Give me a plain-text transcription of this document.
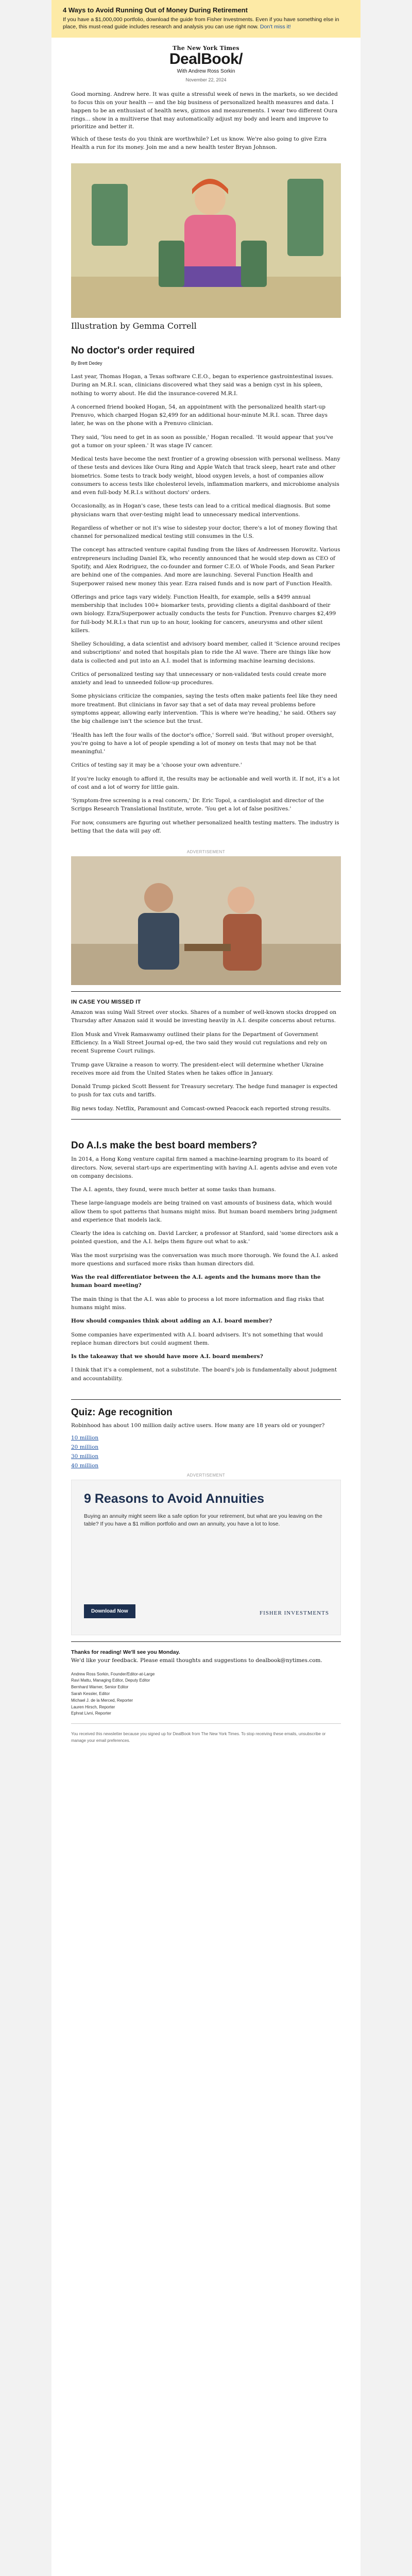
4 Ways to Avoid Running Out of Money During Retirement
If you have a $1,000,000 portfolio, download the guide from Fisher Investments. Even if you have something else in place, this must-read guide includes research and analysis you can use right now. Don't miss it!
The New York Times
DealBook/
With Andrew Ross Sorkin
November 22, 2024

Good morning. Andrew here. It was quite a stressful week of news in the markets, so we decided to focus this on your health — and the big business of personalized health measures and data. I happen to be an enthusiast of health news, gizmos and measurements. I wear two different Oura rings… show in a multiverse that may automatically adjust my body and learn and improve to prioritize and better it.

Which of these tests do you think are worthwhile? Let us know. We're also going to give Ezra Health a run for its money. Join me and a new health tester Bryan Johnson.

Illustration by Gemma Correll
No doctor's order required
By Brett Dedey

Last year, Thomas Hogan, a Texas software C.E.O., began to experience gastrointestinal issues. During an M.R.I. scan, clinicians discovered what they said was a benign cyst in his spleen, nothing to worry about. He did the insurance-covered M.R.I.

A concerned friend booked Hogan, 54, an appointment with the personalized health start-up Prenuvo, which charged Hogan $2,499 for an additional hour-minute M.R.I. scan. Three days later, he was on the phone with a Prenuvo clinician.

They said, 'You need to get in as soon as possible,' Hogan recalled. 'It would appear that you've got a tumor on your spleen.' It was stage IV cancer.

Medical tests have become the next frontier of a growing obsession with personal wellness. Many of these tests and devices like Oura Ring and Apple Watch that track sleep, heart rate and other biometrics. Some tests to track body weight, blood oxygen levels, a host of companies allow consumers to access tests like cholesterol levels, inflammation markers, and microbiome analysis and even full-body M.R.I.s without doctors' orders.

Occasionally, as in Hogan's case, these tests can lead to a critical medical diagnosis. But some physicians warn that over-testing might lead to unnecessary medical interventions.

Regardless of whether or not it's wise to sidestep your doctor, there's a lot of money flowing that channel for personalized medical testing still consumes in the U.S.

The concept has attracted venture capital funding from the likes of Andreessen Horowitz. Various entrepreneurs including Daniel Ek, who recently announced that he would step down as CEO of Spotify, and Alex Rodriguez, the co-founder and former C.E.O. of Whole Foods, and Sean Parker are behind one of the companies. And more are launching. Several Function Health and Superpower raised new money this year. Ezra raised funds and is now part of Function Health.

Offerings and price tags vary widely. Function Health, for example, sells a $499 annual membership that includes 100+ biomarker tests, providing clients a digital dashboard of their own biology. Ezra/Superpower actually conducts the tests for Function. Prenuvo charges $2,499 for full-body M.R.I.s that run up to an hour, looking for cancers, aneurysms and other silent killers.

Shelley Schoulding, a data scientist and advisory board member, called it 'Science around recipes and subscriptions' and noted that hospitals plan to ride the AI wave. There are things like how data is collected and put into an A.I. model that is informing machine learning decisions.

Critics of personalized testing say that unnecessary or non-validated tests could create more anxiety and lead to unneeded follow-up procedures.

Some physicians criticize the companies, saying the tests often make patients feel like they need more treatment. But clinicians in favor say that a set of data may reveal problems before symptoms appear, allowing early intervention. 'This is where we're heading,' he said. Others say the big challenge isn't the science but the trust.

'Health has left the four walls of the doctor's office,' Sorrell said. 'But without proper oversight, you're going to have a lot of people spending a lot of money on tests that may not be that meaningful.'

Critics of testing say it may be a 'choose your own adventure.'

If you're lucky enough to afford it, the results may be actionable and well worth it. If not, it's a lot of cost and a lot of worry for little gain.

'Symptom-free screening is a real concern,' Dr. Eric Topol, a cardiologist and director of the Scripps Research Translational Institute, wrote. 'You get a lot of false positives.'

For now, consumers are figuring out whether personalized health testing matters. The industry is betting that the data will pay off.

ADVERTISEMENT
IN CASE YOU MISSED IT
Amazon was suing Wall Street over stocks. Shares of a number of well-known stocks dropped on Thursday after Amazon said it would be investing heavily in A.I. despite concerns about returns.
Elon Musk and Vivek Ramaswamy outlined their plans for the Department of Government Efficiency. In a Wall Street Journal op-ed, the two said they would cut regulations and rely on recent Supreme Court rulings.
Trump gave Ukraine a reason to worry. The president-elect will determine whether Ukraine receives more aid from the United States when he takes office in January.
Donald Trump picked Scott Bessent for Treasury secretary. The hedge fund manager is expected to push for tax cuts and tariffs.
Big news today. Netflix, Paramount and Comcast-owned Peacock each reported strong results.
Do A.I.s make the best board members?

In 2014, a Hong Kong venture capital firm named a machine-learning program to its board of directors. Now, several start-ups are experimenting with having A.I. agents advise and even vote on company decisions.

The A.I. agents, they found, were much better at some tasks than humans.

These large-language models are being trained on vast amounts of business data, which would allow them to spot patterns that humans might miss. But human board members bring judgment and experience that models lack.

Clearly the idea is catching on. David Larcker, a professor at Stanford, said 'some directors ask a pointed question, and the A.I. helps them figure out what to ask.'

Was the most surprising was the conversation was much more thorough. We found the A.I. asked more questions and surfaced more risks than human directors did.

Was the real differentiator between the A.I. agents and the humans more than the human board meeting?

The main thing is that the A.I. was able to process a lot more information and flag risks that humans might miss.

How should companies think about adding an A.I. board member?

Some companies have experimented with A.I. board advisers. It's not something that would replace human directors but could augment them.

Is the takeaway that we should have more A.I. board members?

I think that it's a complement, not a substitute. The board's job is fundamentally about judgment and accountability.

Quiz: Age recognition
Robinhood has about 100 million daily active users. How many are 18 years old or younger?
10 million
20 million
30 million
40 million
ADVERTISEMENT
9 Reasons to Avoid Annuities
Buying an annuity might seem like a safe option for your retirement, but what are you leaving on the table? If you have a $1 million portfolio and own an annuity, you have a lot to lose.
Download Now	FISHER INVESTMENTS
Thanks for reading! We'll see you Monday.
We'd like your feedback. Please email thoughts and suggestions to dealbook@nytimes.com.
Andrew Ross Sorkin, Founder/Editor-at-Large
Ravi Mattu, Managing Editor, Deputy Editor
Bernhard Warner, Senior Editor
Sarah Kessler, Editor
Michael J. de la Merced, Reporter
Lauren Hirsch, Reporter
Ephrat Livni, Reporter
You received this newsletter because you signed up for DealBook from The New York Times. To stop receiving these emails, unsubscribe or manage your email preferences.
